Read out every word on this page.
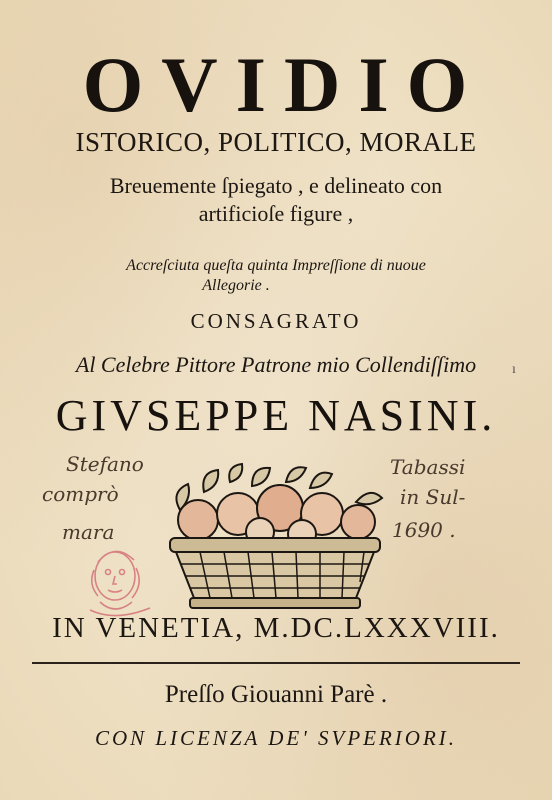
OVIDIO
ISTORICO, POLITICO, MORALE
Breuemente ſpiegato , e delineato con
artificioſe figure ,
Accreſciuta queſta quinta Impreſſione di nuoue
Allegorie .
CONSAGRATO
Al Celebre Pittore Patrone mio Collendiſſimo
GIVSEPPE NASINI.
ı
Stefano
comprò
mara
Tabassi
in Sul-
1690 .
IN VENETIA, M.DC.LXXXVIII.
Preſſo Giouanni Parè .
CON LICENZA DE' SVPERIORI.
